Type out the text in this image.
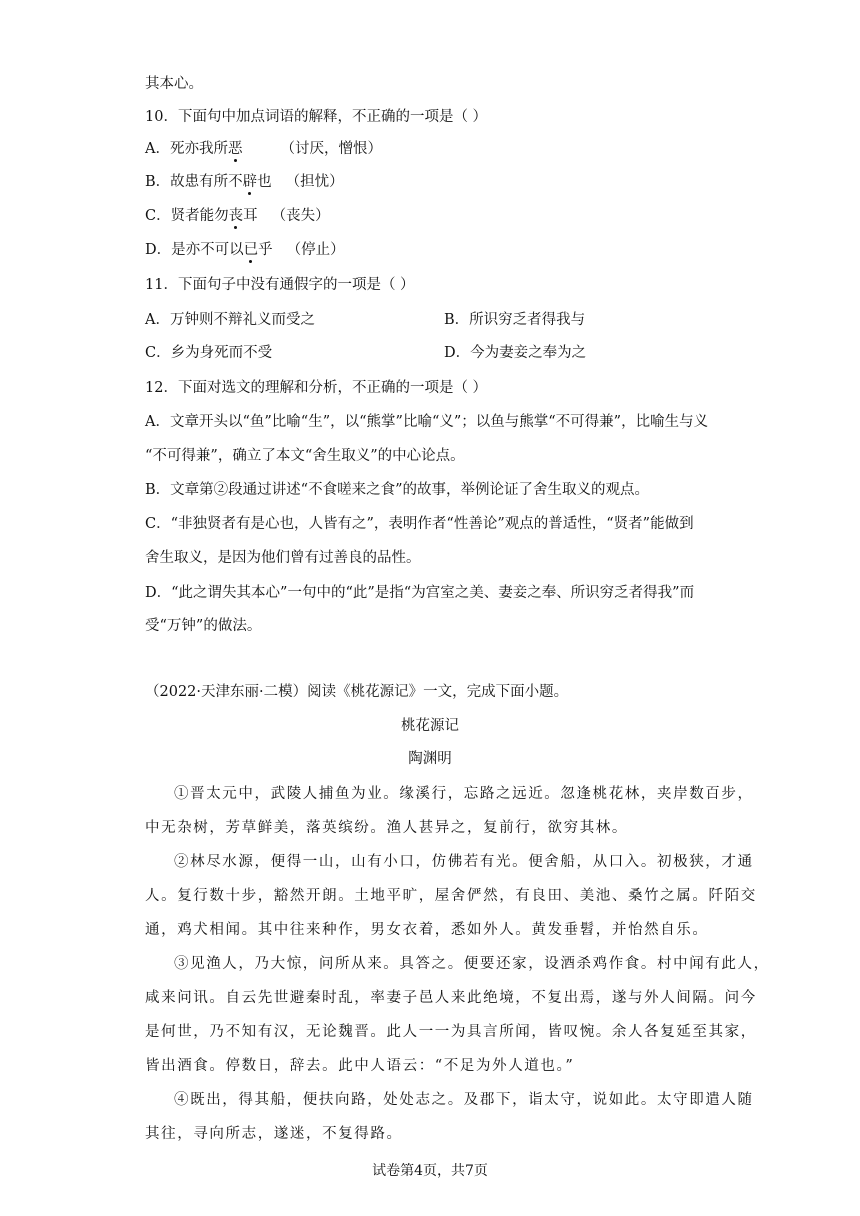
其本心。
10．下面句中加点词语的解释，不正确的一项是（ ）
A．死亦我所恶	（讨厌，憎恨）
B．故患有所不辟也 （担忧）
C．贤者能勿丧耳 （丧失）
D．是亦不可以已乎 （停止）
11．下面句子中没有通假字的一项是（ ）
A．万钟则不辩礼义而受之	B．所识穷乏者得我与
C．乡为身死而不受	D．今为妻妾之奉为之
12．下面对选文的理解和分析，不正确的一项是（ ）
A．文章开头以“鱼”比喻“生”，以“熊掌”比喻“义”；以鱼与熊掌“不可得兼”，比喻生与义
“不可得兼”，确立了本文“舍生取义”的中心论点。
B．文章第②段通过讲述“不食嗟来之食”的故事，举例论证了舍生取义的观点。
C．“非独贤者有是心也，人皆有之”，表明作者“性善论”观点的普适性，“贤者”能做到
舍生取义，是因为他们曾有过善良的品性。
D．“此之谓失其本心”一句中的“此”是指“为宫室之美、妻妾之奉、所识穷乏者得我”而
受“万钟”的做法。
（2022·天津东丽·二模）阅读《桃花源记》一文，完成下面小题。
桃花源记
陶渊明
①晋太元中，武陵人捕鱼为业。缘溪行，忘路之远近。忽逢桃花林，夹岸数百步，
中无杂树，芳草鲜美，落英缤纷。渔人甚异之，复前行，欲穷其林。
②林尽水源，便得一山，山有小口，仿佛若有光。便舍船，从口入。初极狭，才通
人。复行数十步，豁然开朗。土地平旷，屋舍俨然，有良田、美池、桑竹之属。阡陌交
通，鸡犬相闻。其中往来种作，男女衣着，悉如外人。黄发垂髫，并怡然自乐。
③见渔人，乃大惊，问所从来。具答之。便要还家，设酒杀鸡作食。村中闻有此人，
咸来问讯。自云先世避秦时乱，率妻子邑人来此绝境，不复出焉，遂与外人间隔。问今
是何世，乃不知有汉，无论魏晋。此人一一为具言所闻，皆叹惋。余人各复延至其家，
皆出酒食。停数日，辞去。此中人语云：“不足为外人道也。”
④既出，得其船，便扶向路，处处志之。及郡下，诣太守，说如此。太守即遣人随
其往，寻向所志，遂迷，不复得路。
试卷第4页，共7页
